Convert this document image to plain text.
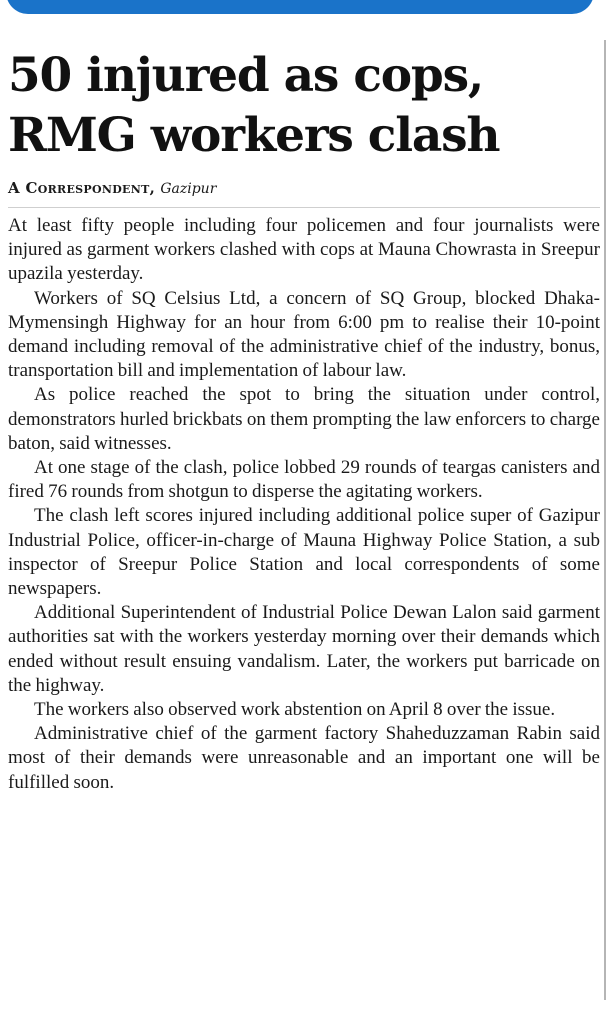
50 injured as cops,
RMG workers clash
A Correspondent, Gazipur

At least fifty people including four policemen and four journalists were injured as garment workers clashed with cops at Mauna Chowrasta in Sreepur upazila yesterday.

Workers of SQ Celsius Ltd, a concern of SQ Group, blocked Dhaka-Mymensingh Highway for an hour from 6:00 pm to realise their 10-point demand including removal of the administrative chief of the industry, bonus, transportation bill and implementation of labour law.

As police reached the spot to bring the situation under control, demonstrators hurled brickbats on them prompting the law enforcers to charge baton, said witnesses.

At one stage of the clash, police lobbed 29 rounds of teargas canisters and fired 76 rounds from shotgun to disperse the agitating workers.

The clash left scores injured including additional police super of Gazipur Industrial Police, officer-in-charge of Mauna Highway Police Station, a sub inspector of Sreepur Police Station and local correspondents of some newspapers.

Additional Superintendent of Industrial Police Dewan Lalon said garment authorities sat with the workers yesterday morning over their demands which ended without result ensuing vandalism. Later, the workers put barricade on the highway.

The workers also observed work abstention on April 8 over the issue.

Administrative chief of the garment factory Shaheduzzaman Rabin said most of their demands were unreasonable and an important one will be fulfilled soon.
